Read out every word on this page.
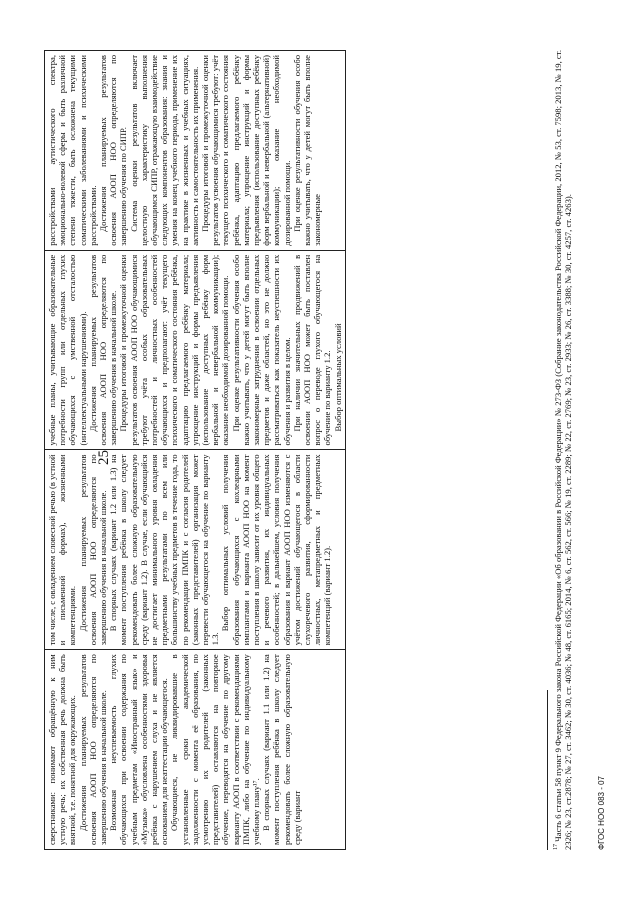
25

сверстниками: понимают обращённую к ним устную речь; их собственная речь должна быть внятной, т.е. понятной для окружающих. Достижения планируемых результатов освоения АООП НОО определяются по завершению обучения в начальной школе. Возможная неуспеваемость глухих обучающихся при освоении содержания по учебным предметам «Иностранный язык» и «Музыка» обусловлена особенностями здоровья ребёнка с нарушением слуха и не является основанием для неаттестации обучающегося. Обучающиеся, не ликвидировавшие в установленные сроки академической задолженности с момента её образования, по усмотрению их родителей (законных представителей) оставляются на повторное обучение, переводятся на обучение по другому варианту АООП в соответствии с рекомендациями ПМПК, либо на обучение по индивидуальному учебному плану¹⁷. В спорных случаях (вариант 1.1 или 1.2) на момент поступления ребёнка в школу следует рекомендовать более сложную образовательную среду (вариант

том числе, с овладением словесной речью (в устной и письменной формах), жизненными компетенциями. Достижения планируемых результатов освоения АООП НОО определяются по завершению обучения в начальной школе. В спорных случаях (вариант 1.2 или 1.3) на момент поступления ребёнка в школу следует рекомендовать более сложную образовательную среду (вариант 1.2). В случае, если обучающийся не достигает минимального уровня овладения предметными результатами по всем или большинству учебных предметов в течение года, то по рекомендации ПМПК и с согласия родителей (законных представителей) организация может перевести обучающегося на обучение по варианту 1.3.

Выбор оптимальных условий получения образования обучающихся с кохлеарными имплантами и варианта АООП НОО на момент поступления в школу зависит от их уровня общего и речевого развития, их индивидуальных особенностей; в дальнейшем, условия получения образования и вариант АООП НОО изменяются с учётом достижений обучающегося в области слухоречевого развития, сформированности личностных, метапредметных и предметных компетенций (вариант 1.2).

учебные планы, учитывающие образовательные потребности групп или отдельных глухих обучающихся с умственной отсталостью (интеллектуальными нарушениями). Достижения планируемых результатов освоения АООП НОО определяются по завершению обучения в начальной школе. Процедуры итоговой и промежуточной оценки результатов освоения АООП НОО обучающимися требуют учёта особых образовательных потребностей и личностных особенностей обучающихся и предполагают: учёт текущего психического и соматического состояния ребёнка, адаптацию предлагаемого ребёнку материала; упрощение инструкций и формы предъявления (использование доступных ребёнку форм вербальной и невербальной коммуникации); оказание необходимой дозированной помощи. При оценке результативности обучения особо важно учитывать, что у детей могут быть вполне закономерные затруднения в освоении отдельных предметов и даже областей, но это не должно рассматриваться как показатель неуспешности их обучения и развития в целом. При наличии значительных продвижений в освоении АООП НОО может быть поставлен вопрос о переводе глухого обучающегося на обучение по варианту 1.2. Выбор оптимальных условий

расстройствами аутистического спектра, эмоционально-волевой сферы и быть различной степени тяжести, быть осложнена текущими соматическими заболеваниями и психическими расстройствами. Достижения планируемых результатов освоения АООП НОО определяются по завершению обучения по СИПР. Система оценки результатов включает целостную характеристику выполнения обучающимся СИПР, отражающую взаимодействие следующих компонентов образования: знания и умения на конец учебного периода, применение их на практике в жизненных и учебных ситуациях, активность и самостоятельность их применения. Процедуры итоговой и промежуточной оценки результатов усвоения обучающимися требуют: учёт текущего психического и соматического состояния ребёнка, адаптацию предлагаемого ребёнку материала; упрощение инструкций и формы предъявления (использование доступных ребёнку форм вербальной и невербальной (альтернативной) коммуникации); оказание необходимой дозированной помощи. При оценке результативности обучения особо важно учитывать, что у детей могут быть вполне закономерные

$^{17}$ Часть 6 статьи 58 пункт 9 Федерального закона Российской Федерации «Об образовании в Российской Федерации» № 273-ФЗ (Собрание законодательства Российской Федерации, 2012, № 53, ст. 7598; 2013, № 19, ст. 2326; № 23, ст.2878; № 27, ст. 3462; № 30, ст. 4036; № 48, ст. 6165; 2014, № 6, ст. 562, ст. 566; № 19, ст. 2289; № 22, ст. 2769; № 23, ст. 2933; № 26, ст. 3388; № 30, ст. 4257, ст. 4263).	ФГОС НОО 083 - 07
